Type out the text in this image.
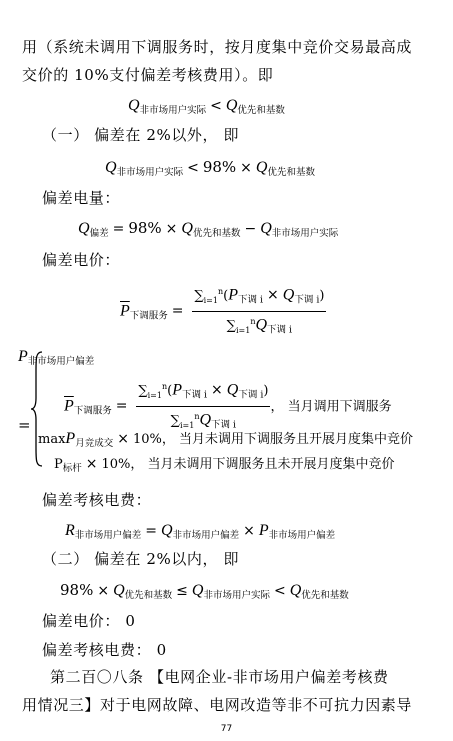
用（系统未调用下调服务时，按月度集中竞价交易最高成
交价的 10%支付偏差考核费用）。即
$Q_{非市场用户实际} < Q_{优先和基数}$
（一） 偏差在 2%以外， 即
$Q_{非市场用户实际} < 98\% \times Q_{优先和基数}$
偏差电量：
$Q_{偏差} = 98\% \times Q_{优先和基数} - Q_{非市场用户实际}$
偏差电价：
$\overline{P}_{下调服务} = \frac{\sum_{i=1}^n(P_{下调 i} \times Q_{下调 i})}{\sum_{i=1}^nQ_{下调 i}}$
$P_{非市场用户偏差}$
=
$\overline{P}_{下调服务} = \frac{\sum_{i=1}^n(P_{下调 i} \times Q_{下调 i})}{\sum_{i=1}^nQ_{下调 i}}$ ， 当月调用下调服务
maxP$_{月竞成交}$ × 10%， 当月未调用下调服务且开展月度集中竞价
$P_{标杆} \times 10\%$， 当月未调用下调服务且未开展月度集中竞价
偏差考核电费：
$R_{非市场用户偏差} = Q_{非市场用户偏差} \times P_{非市场用户偏差}$
（二） 偏差在 2%以内， 即
$98\% \times Q_{优先和基数} \le Q_{非市场用户实际} < Q_{优先和基数}$
偏差电价： 0
偏差考核电费： 0
第二百〇八条 【电网企业-非市场用户偏差考核费
用情况三】对于电网故障、电网改造等非不可抗力因素导
77
